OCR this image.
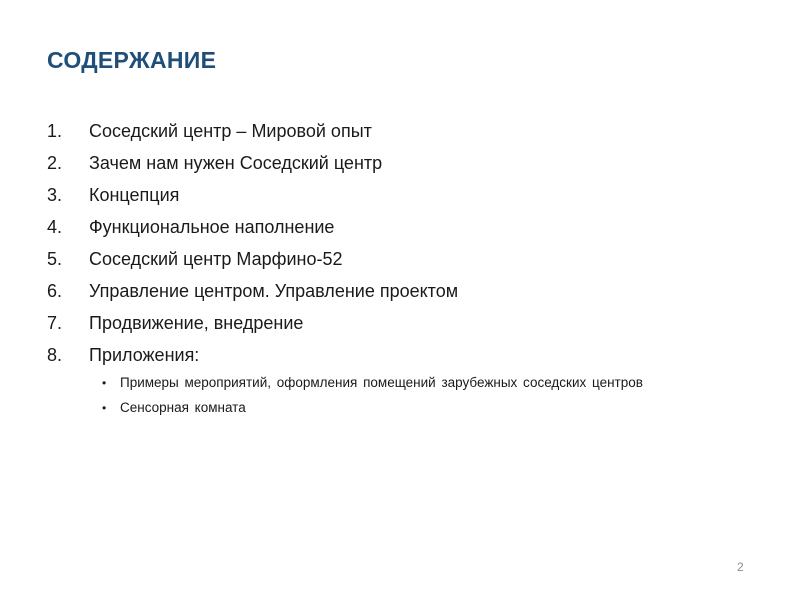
СОДЕРЖАНИЕ
1.	Соседский центр – Мировой опыт
2.	Зачем нам нужен Соседский центр
3.	Концепция
4.	Функциональное наполнение
5.	Соседский центр Марфино-52
6.	Управление центром. Управление проектом
7.	Продвижение, внедрение
8.	Приложения:
• Примеры мероприятий, оформления помещений зарубежных соседских центров
• Сенсорная комната
2
